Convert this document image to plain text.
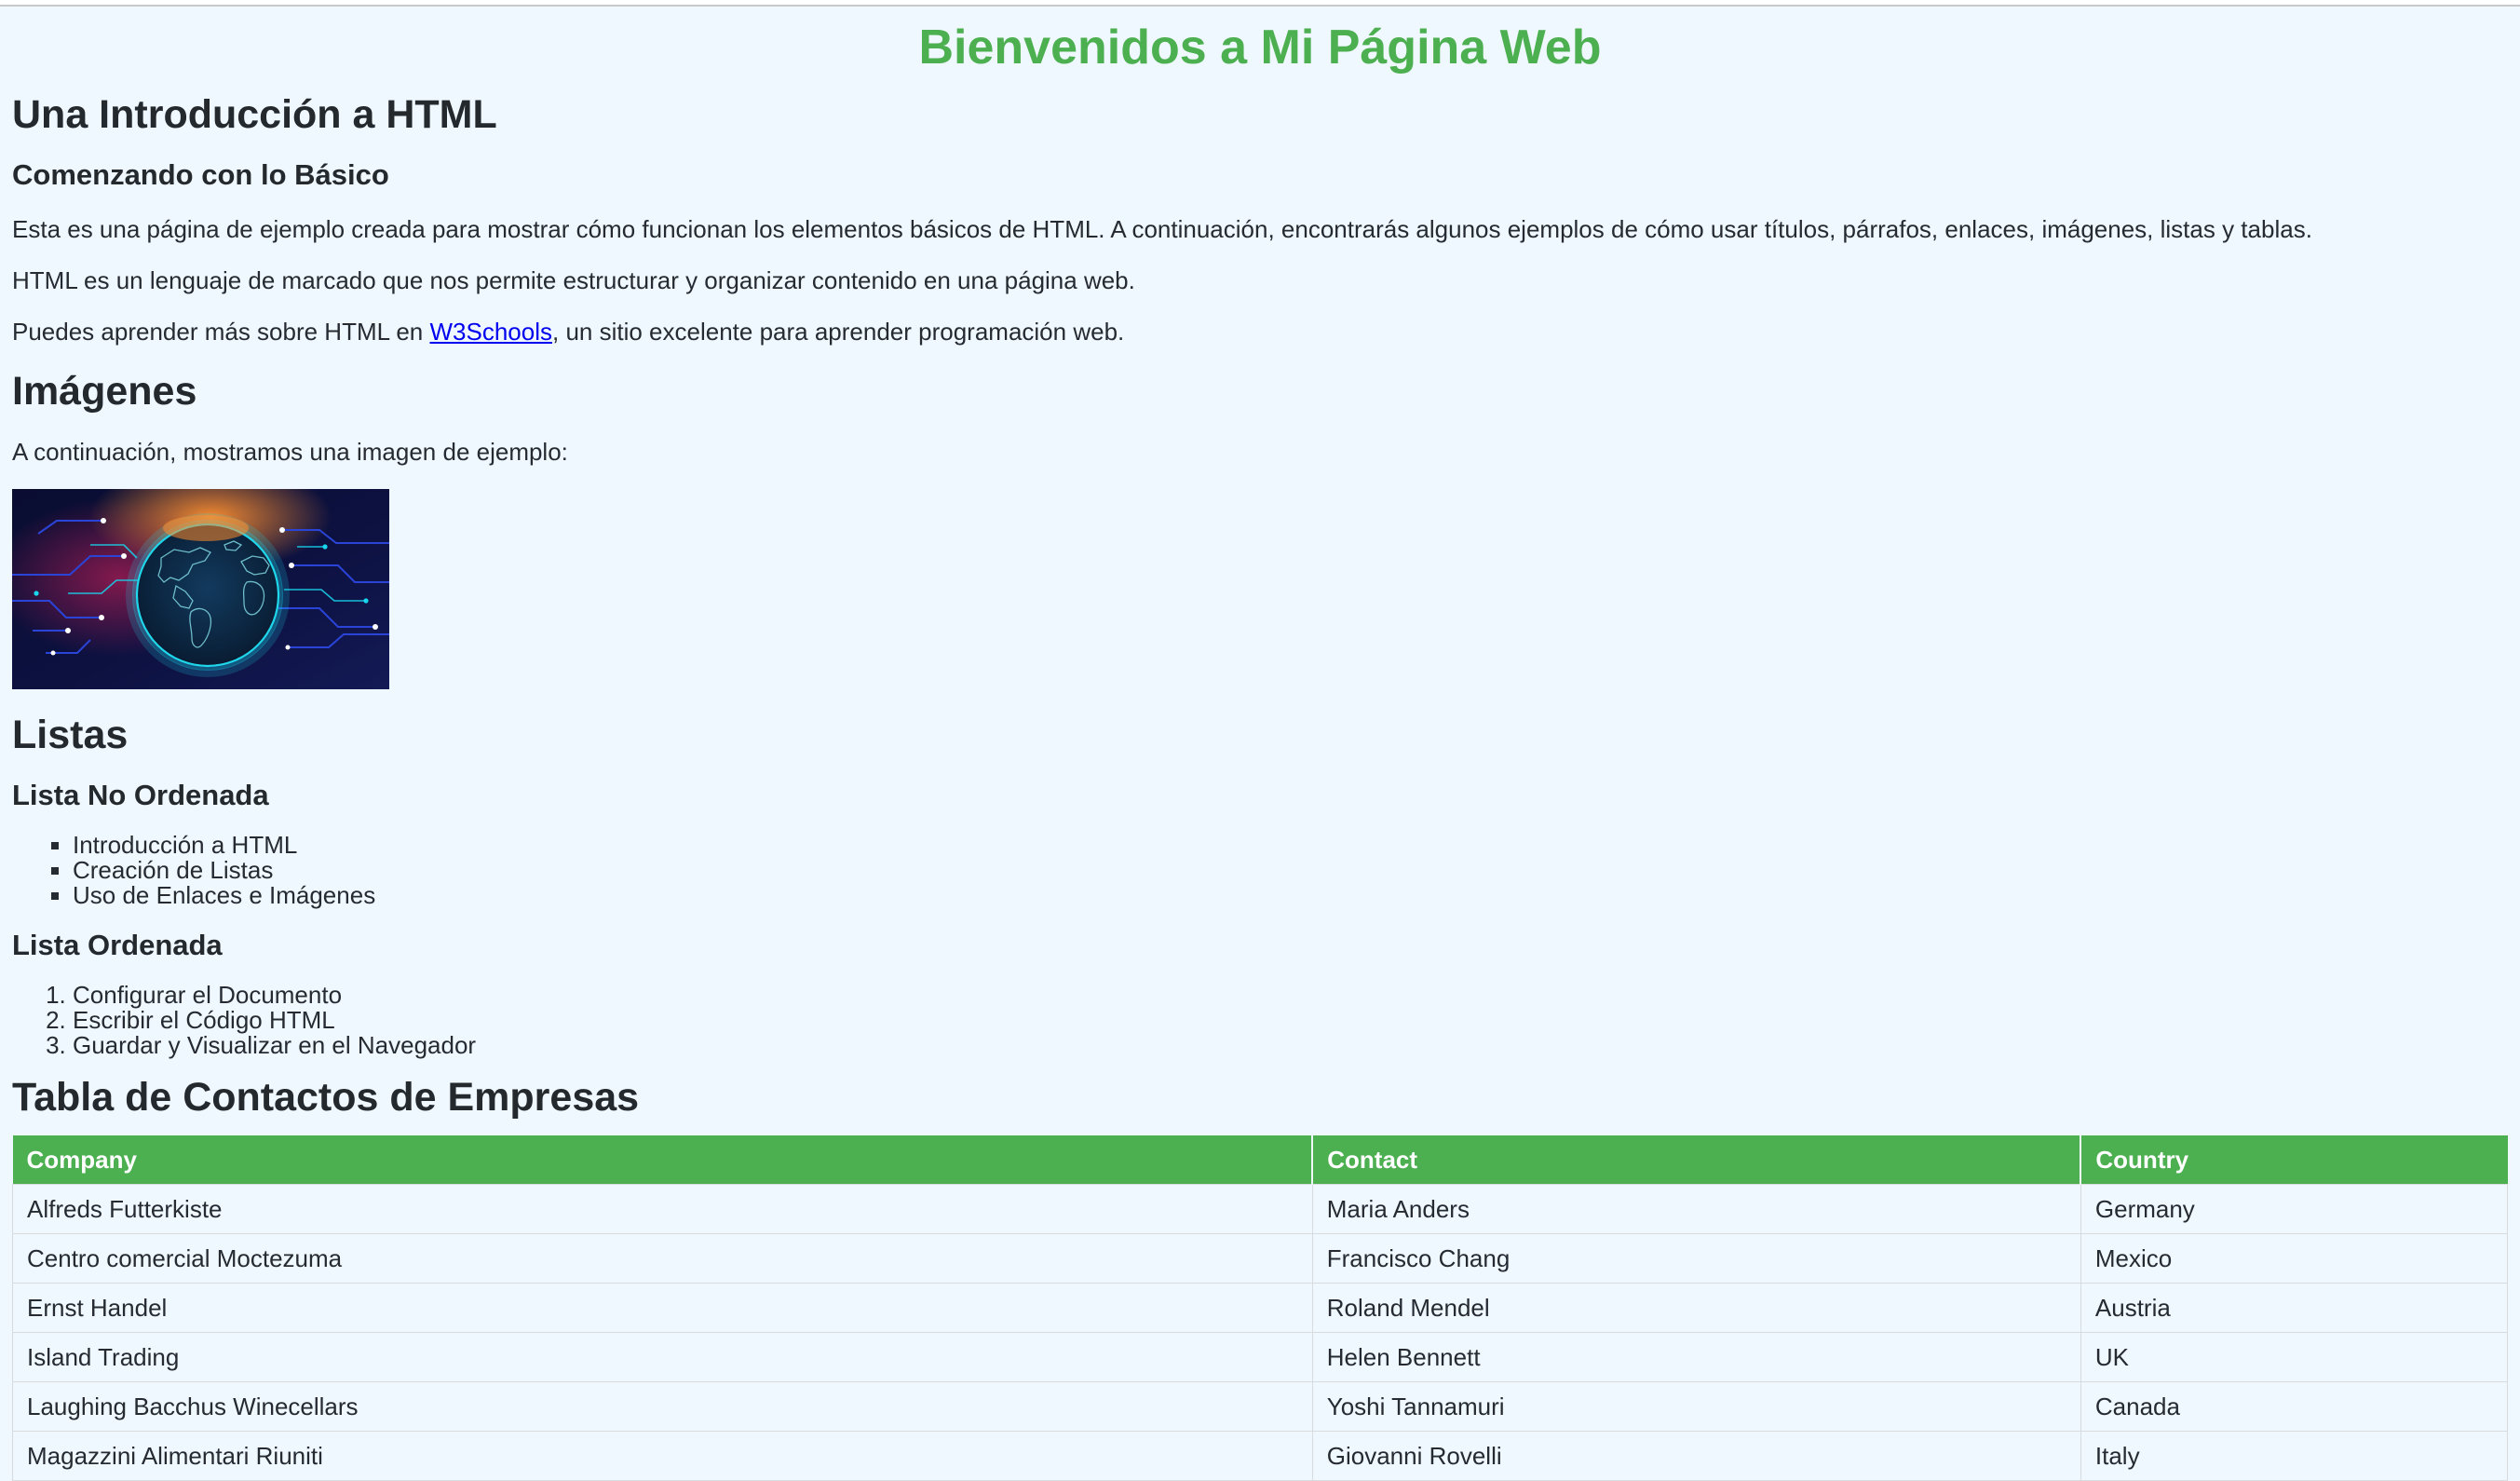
Bienvenidos a Mi Página Web
Una Introducción a HTML
Comenzando con lo Básico

Esta es una página de ejemplo creada para mostrar cómo funcionan los elementos básicos de HTML. A continuación, encontrarás algunos ejemplos de cómo usar títulos, párrafos, enlaces, imágenes, listas y tablas.

HTML es un lenguaje de marcado que nos permite estructurar y organizar contenido en una página web.

Puedes aprender más sobre HTML en W3Schools, un sitio excelente para aprender programación web.

Imágenes

A continuación, mostramos una imagen de ejemplo:

Listas
Lista No Ordenada
▪ Introducción a HTML
▪ Creación de Listas
▪ Uso de Enlaces e Imágenes
Lista Ordenada
1. Configurar el Documento
2. Escribir el Código HTML
3. Guardar y Visualizar en el Navegador
Tabla de Contactos de Empresas
Company	Contact	Country
Alfreds Futterkiste	Maria Anders	Germany
Centro comercial Moctezuma	Francisco Chang	Mexico
Ernst Handel	Roland Mendel	Austria
Island Trading	Helen Bennett	UK
Laughing Bacchus Winecellars	Yoshi Tannamuri	Canada
Magazzini Alimentari Riuniti	Giovanni Rovelli	Italy
